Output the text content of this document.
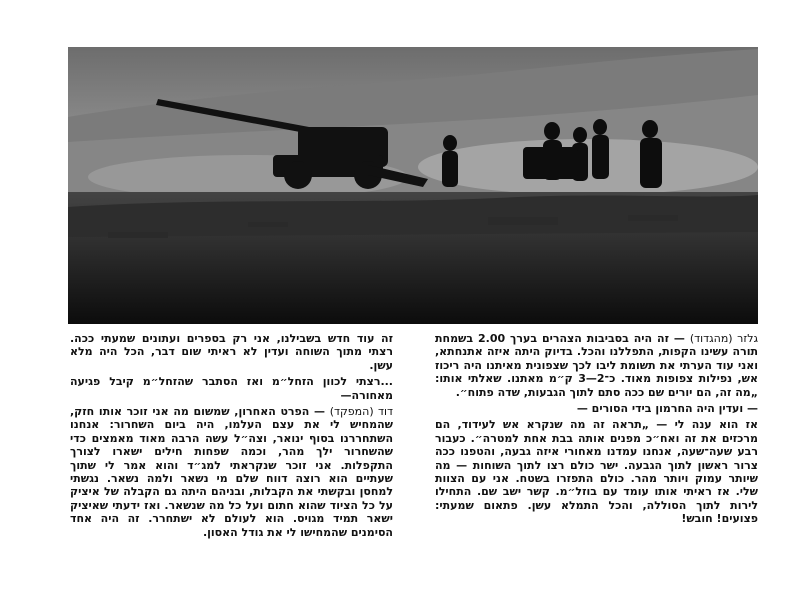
גלזר (מהגדוד) — זה היה בסביבות הצהרים בערך 2.00 בשמחת תורה עשינו הקפות, התפללנו והכל. בדיוק היתה איזה אתנחתא, ואני עוד הערתי את תשומת ליבו לכך שצפונית מאיתנו היה ריכוז אש, נפילות צפופות מאוד. כ־2—3 ק״מ מאתנו. שאלתי אותו: „מה זה, הם יורים שם ככה סתם לתוך הגבעות, שדה פתוח״.

— ועדין היה החרמון בידי הסורים —

אז הוא ענה לי — „תראה זה מה שנקרא אש לעידוד, הם מרכזים את זה ואח״כ מפנים אותה בבת אחת למטרה״. כעבור רבע שעה־שעה, אנחנו עמדנו מאחורי איזה גבעה, והטפנו ככה צרור ראשון לתוך הגבעה. ישר כולם רצו לתוך השוחות — מה שיותר עמוק ויותר מהר. כולם התפזרו בשטח. אני עם הצוות שלי. אז ראיתי אותו עומד עם בוזל״מ. קשר ישב שם. התחילו לירות לתוך הסוללה, והכל התמלא עשן. פתאום שמעתי: פצועים! חובש!

זה עוד חדש בשבילנו, אני רק בספרים ועתונים שמעתי ככה. רצתי מתוך השוחה ועדין לא ראיתי שום דבר, הכל היה מלא עשן.

...רצתי לכוון הזחל״מ ואז הסתבר שהזחל״מ קיבל פגיעה מאחורה—

דוד (המפקד) — הפרט האחרון, שמשום מה אני זוכר אותו חזק, שהמחיש לי את עצם העלמו, היה ביום השחרור: אנחנו השתחררנו בסוף ינואר, וצה״ל עשה הרבה מאוד מאמצים כדי שהשחרור ילך מהר, וכמה שפחות חילים ישארו לצורך התקפלות. אני זוכר שנקראתי למג״ד והוא אמר לי שתוך שעתיים הוא רוצה דווח שלם מי נשאר ולמה נשאר. נגשתי למחסן ובקשתי את הקבלות, ובניהם היתה גם הקבלה של איציק על כל הציוד שהוא חתום ועל כל מה שנשאר. ואז ידעתי שאיציק ישאר תמיד מגויס. הוא לעולם לא ישתחרר. זה היה אחד הסימנים שהמחישו לי את גודל האסון.
